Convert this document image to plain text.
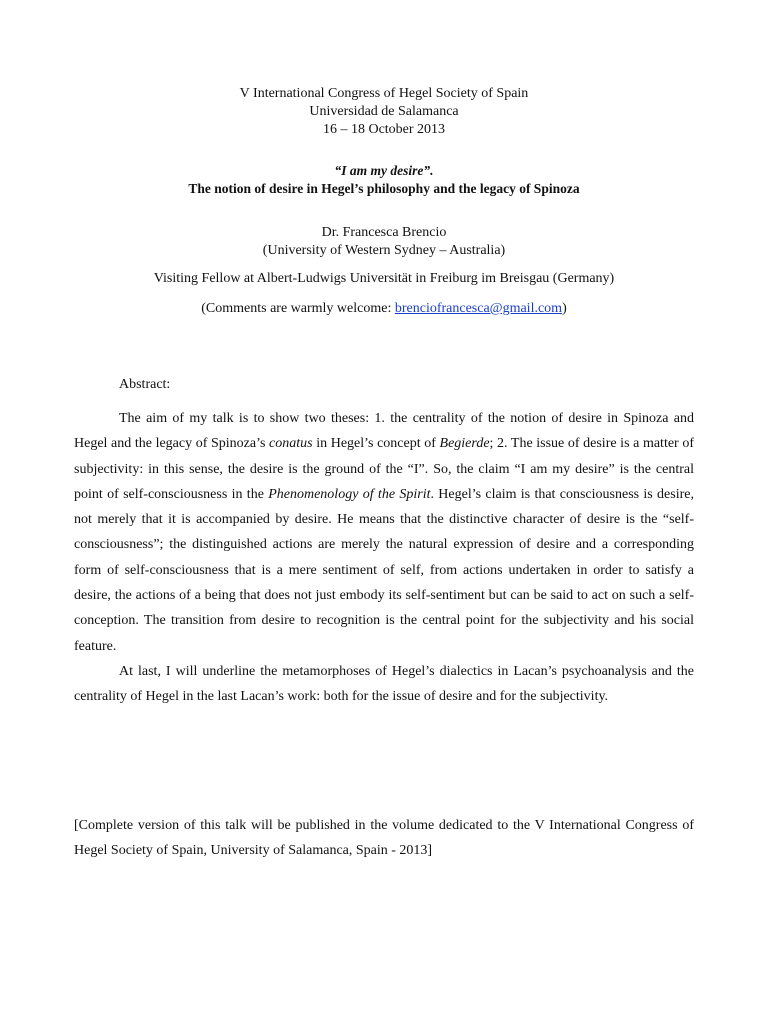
V International Congress of Hegel Society of Spain
Universidad de Salamanca
16 – 18 October 2013
“I am my desire”.
The notion of desire in Hegel’s philosophy and the legacy of Spinoza
Dr. Francesca Brencio
(University of Western Sydney – Australia)
Visiting Fellow at Albert-Ludwigs Universität in Freiburg im Breisgau (Germany)
(Comments are warmly welcome: brenciofrancesca@gmail.com)
Abstract:

The aim of my talk is to show two theses: 1. the centrality of the notion of desire in Spinoza and Hegel and the legacy of Spinoza’s conatus in Hegel’s concept of Begierde; 2. The issue of desire is a matter of subjectivity: in this sense, the desire is the ground of the “I”. So, the claim “I am my desire” is the central point of self-consciousness in the Phenomenology of the Spirit. Hegel’s claim is that consciousness is desire, not merely that it is accompanied by desire. He means that the distinctive character of desire is the “self-consciousness”; the distinguished actions are merely the natural expression of desire and a corresponding form of self-consciousness that is a mere sentiment of self, from actions undertaken in order to satisfy a desire, the actions of a being that does not just embody its self-sentiment but can be said to act on such a self-conception. The transition from desire to recognition is the central point for the subjectivity and his social feature.

At last, I will underline the metamorphoses of Hegel’s dialectics in Lacan’s psychoanalysis and the centrality of Hegel in the last Lacan’s work: both for the issue of desire and for the subjectivity.

[Complete version of this talk will be published in the volume dedicated to the V International Congress of Hegel Society of Spain, University of Salamanca, Spain - 2013]
